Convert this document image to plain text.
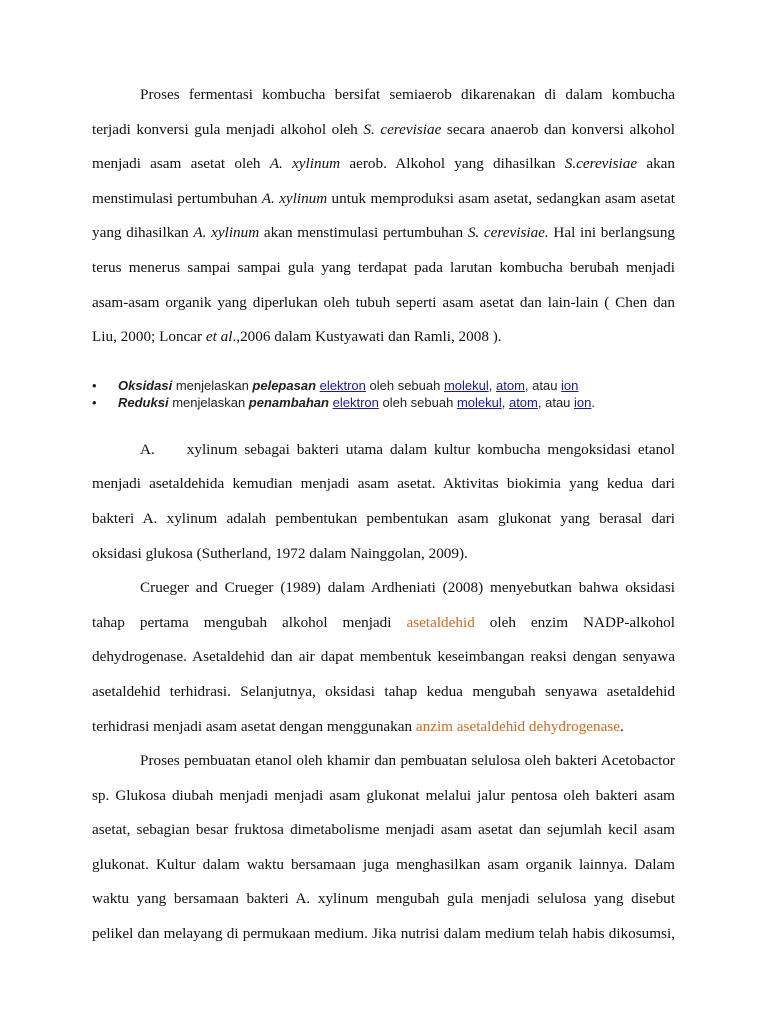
Proses fermentasi kombucha bersifat semiaerob dikarenakan di dalam kombucha
terjadi konversi gula menjadi alkohol oleh S. cerevisiae secara anaerob dan konversi alkohol
menjadi asam asetat oleh A. xylinum aerob. Alkohol yang dihasilkan S.cerevisiae akan
menstimulasi pertumbuhan A. xylinum untuk memproduksi asam asetat, sedangkan asam asetat
yang dihasilkan A. xylinum akan menstimulasi pertumbuhan S. cerevisiae. Hal ini berlangsung
terus menerus sampai sampai gula yang terdapat pada larutan kombucha berubah menjadi
asam-asam organik yang diperlukan oleh tubuh seperti asam asetat dan lain-lain ( Chen dan
Liu, 2000; Loncar et al.,2006 dalam Kustyawati dan Ramli, 2008 ).

• Oksidasi menjelaskan pelepasan elektron oleh sebuah molekul, atom, atau ion
• Reduksi menjelaskan penambahan elektron oleh sebuah molekul, atom, atau ion.

A. xylinum sebagai bakteri utama dalam kultur kombucha mengoksidasi etanol
menjadi asetaldehida kemudian menjadi asam asetat. Aktivitas biokimia yang kedua dari
bakteri A. xylinum adalah pembentukan pembentukan asam glukonat yang berasal dari
oksidasi glukosa (Sutherland, 1972 dalam Nainggolan, 2009).

Crueger and Crueger (1989) dalam Ardheniati (2008) menyebutkan bahwa oksidasi
tahap pertama mengubah alkohol menjadi asetaldehid oleh enzim NADP-alkohol
dehydrogenase. Asetaldehid dan air dapat membentuk keseimbangan reaksi dengan senyawa
asetaldehid terhidrasi. Selanjutnya, oksidasi tahap kedua mengubah senyawa asetaldehid
terhidrasi menjadi asam asetat dengan menggunakan anzim asetaldehid dehydrogenase.

Proses pembuatan etanol oleh khamir dan pembuatan selulosa oleh bakteri Acetobactor
sp. Glukosa diubah menjadi menjadi asam glukonat melalui jalur pentosa oleh bakteri asam
asetat, sebagian besar fruktosa dimetabolisme menjadi asam asetat dan sejumlah kecil asam
glukonat. Kultur dalam waktu bersamaan juga menghasilkan asam organik lainnya. Dalam
waktu yang bersamaan bakteri A. xylinum mengubah gula menjadi selulosa yang disebut
pelikel dan melayang di permukaan medium. Jika nutrisi dalam medium telah habis dikosumsi,
